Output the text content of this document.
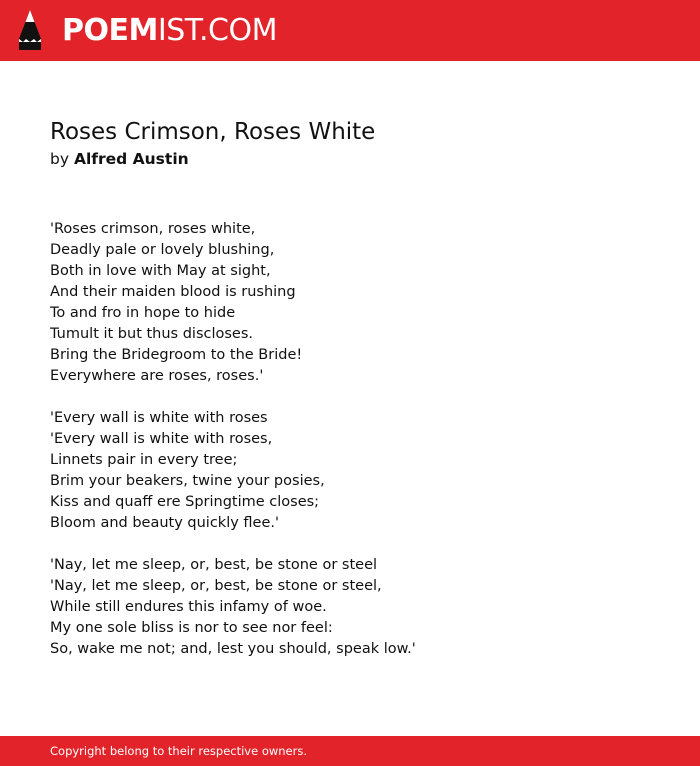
POEMIST.COM
Roses Crimson, Roses White
by Alfred Austin
'Roses crimson, roses white,
Deadly pale or lovely blushing,
Both in love with May at sight,
And their maiden blood is rushing
To and fro in hope to hide
Tumult it but thus discloses.
Bring the Bridegroom to the Bride!
Everywhere are roses, roses.'
'Every wall is white with roses
'Every wall is white with roses,
Linnets pair in every tree;
Brim your beakers, twine your posies,
Kiss and quaff ere Springtime closes;
Bloom and beauty quickly flee.'
'Nay, let me sleep, or, best, be stone or steel
'Nay, let me sleep, or, best, be stone or steel,
While still endures this infamy of woe.
My one sole bliss is nor to see nor feel:
So, wake me not; and, lest you should, speak low.'
Copyright belong to their respective owners.
